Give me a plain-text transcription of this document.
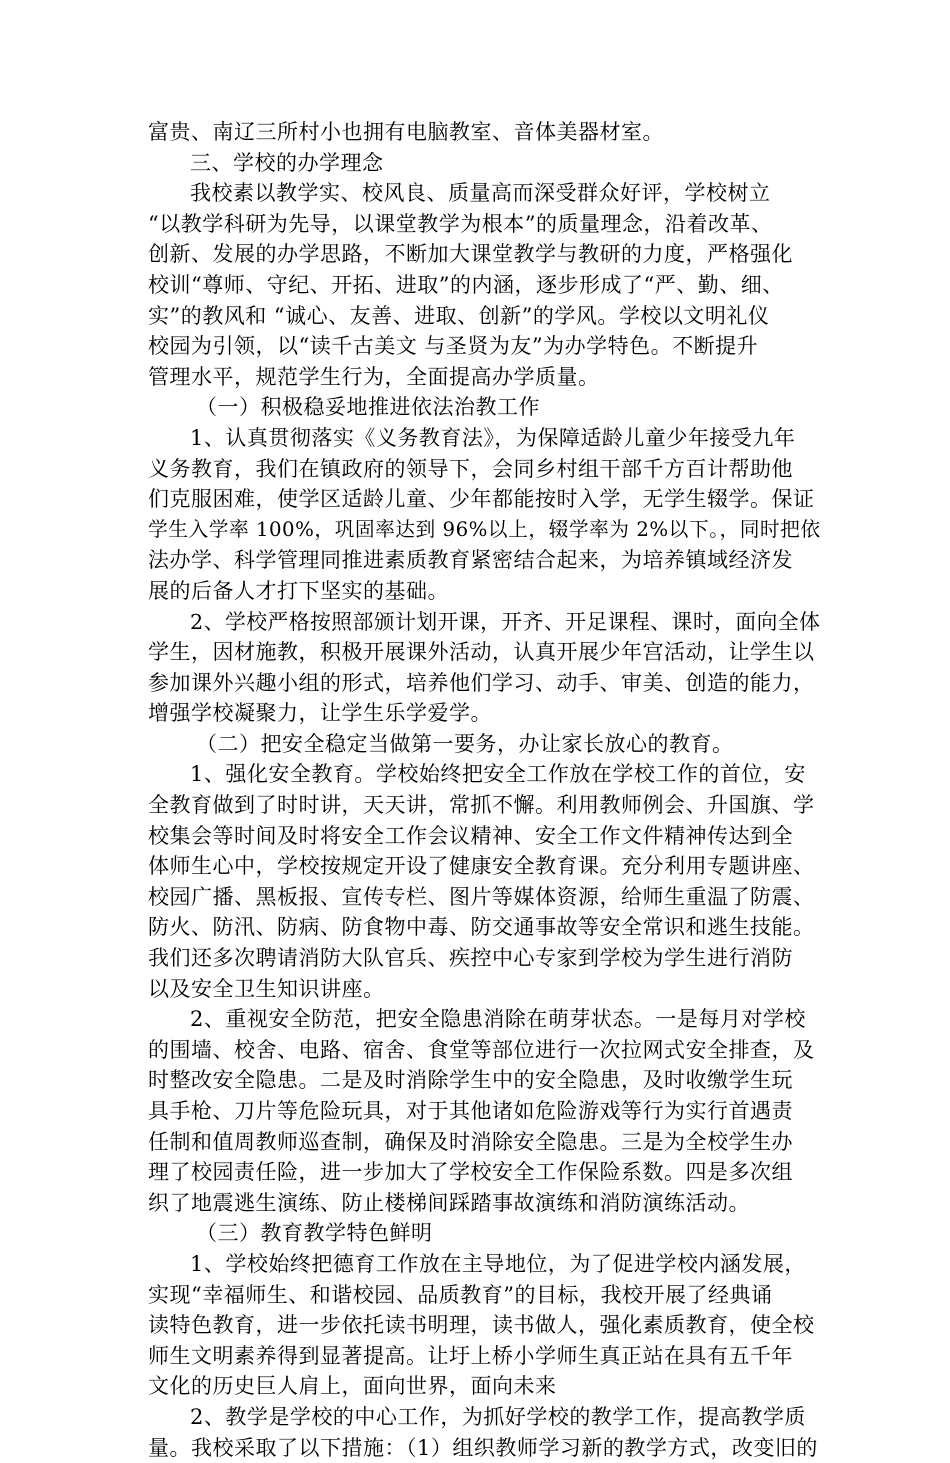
富贵、南辽三所村小也拥有电脑教室、音体美器材室。
三、学校的办学理念
我校素以教学实、校风良、质量高而深受群众好评，学校树立
“以教学科研为先导，以课堂教学为根本”的质量理念，沿着改革、
创新、发展的办学思路，不断加大课堂教学与教研的力度，严格强化
校训“尊师、守纪、开拓、进取”的内涵，逐步形成了“严、勤、细、
实”的教风和 “诚心、友善、进取、创新”的学风。学校以文明礼仪
校园为引领，以“读千古美文 与圣贤为友”为办学特色。不断提升
管理水平，规范学生行为，全面提高办学质量。
（一）积极稳妥地推进依法治教工作
1、认真贯彻落实《义务教育法》，为保障适龄儿童少年接受九年
义务教育，我们在镇政府的领导下，会同乡村组干部千方百计帮助他
们克服困难，使学区适龄儿童、少年都能按时入学，无学生辍学。保证
学生入学率 100%，巩固率达到 96%以上，辍学率为 2%以下。，同时把依
法办学、科学管理同推进素质教育紧密结合起来，为培养镇域经济发
展的后备人才打下坚实的基础。
2、学校严格按照部颁计划开课，开齐、开足课程、课时，面向全体
学生，因材施教，积极开展课外活动，认真开展少年宫活动，让学生以
参加课外兴趣小组的形式，培养他们学习、动手、审美、创造的能力，
增强学校凝聚力，让学生乐学爱学。
（二）把安全稳定当做第一要务，办让家长放心的教育。
1、强化安全教育。学校始终把安全工作放在学校工作的首位，安
全教育做到了时时讲，天天讲，常抓不懈。利用教师例会、升国旗、学
校集会等时间及时将安全工作会议精神、安全工作文件精神传达到全
体师生心中，学校按规定开设了健康安全教育课。充分利用专题讲座、
校园广播、黑板报、宣传专栏、图片等媒体资源，给师生重温了防震、
防火、防汛、防病、防食物中毒、防交通事故等安全常识和逃生技能。
我们还多次聘请消防大队官兵、疾控中心专家到学校为学生进行消防
以及安全卫生知识讲座。
2、重视安全防范，把安全隐患消除在萌芽状态。一是每月对学校
的围墙、校舍、电路、宿舍、食堂等部位进行一次拉网式安全排查，及
时整改安全隐患。二是及时消除学生中的安全隐患，及时收缴学生玩
具手枪、刀片等危险玩具，对于其他诸如危险游戏等行为实行首遇责
任制和值周教师巡查制，确保及时消除安全隐患。三是为全校学生办
理了校园责任险，进一步加大了学校安全工作保险系数。四是多次组
织了地震逃生演练、防止楼梯间踩踏事故演练和消防演练活动。
（三）教育教学特色鲜明
1、学校始终把德育工作放在主导地位，为了促进学校内涵发展，
实现“幸福师生、和谐校园、品质教育”的目标，我校开展了经典诵
读特色教育，进一步依托读书明理，读书做人，强化素质教育，使全校
师生文明素养得到显著提高。让圩上桥小学师生真正站在具有五千年
文化的历史巨人肩上，面向世界，面向未来
2、教学是学校的中心工作，为抓好学校的教学工作，提高教学质
量。我校采取了以下措施：（1）组织教师学习新的教学方式，改变旧的
